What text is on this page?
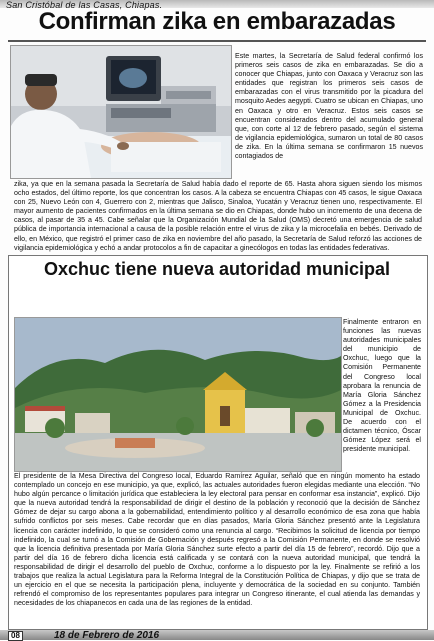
San Cristóbal de las Casas, Chiapas.
Confirman zika en embarazadas
Este martes, la Secretaría de Salud federal confirmó los primeros seis casos de zika en embarazadas. Se dio a conocer que Chiapas, junto con Oaxaca y Veracruz son las entidades que registran los primeros seis casos de embarazadas con el virus transmitido por la picadura del mosquito Aedes aegypti. Cuatro se ubican en Chiapas, uno en Oaxaca y otro en Veracruz. Estos seis casos se encuentran considerados dentro del acumulado general que, con corte al 12 de febrero pasado, según el sistema de vigilancia epidemiológica, sumaron un total de 80 casos de zika. En la última semana se confirmaron 15 nuevos contagiados de
zika, ya que en la semana pasada la Secretaría de Salud había dado el reporte de 65. Hasta ahora siguen siendo los mismos ocho estados, del último reporte, los que concentran los casos. A la cabeza se encuentra Chiapas con 45 casos, le sigue Oaxaca con 25, Nuevo León con 4, Guerrero con 2, mientras que Jalisco, Sinaloa, Yucatán y Veracruz tienen uno, respectivamente. El mayor aumento de pacientes confirmados en la última semana se dio en Chiapas, donde hubo un incremento de una decena de casos, al pasar de 35 a 45. Cabe señalar que la Organización Mundial de la Salud (OMS) decretó una emergencia de salud pública de importancia internacional a causa de la posible relación entre el virus de zika y la microcefalia en bebés. Derivado de ello, en México, que registró el primer caso de zika en noviembre del año pasado, la Secretaría de Salud reforzó las acciones de vigilancia epidemiológica y echó a andar protocolos a fin de capacitar a ginecólogos en todas las entidades federativas.
Oxchuc tiene nueva autoridad municipal
Finalmente entraron en funciones las nuevas autoridades municipales del municipio de Oxchuc, luego que la Comisión Permanente del Congreso local aprobara la renuncia de María Gloria Sánchez Gómez a la Presidencia Municipal de Oxchuc. De acuerdo con el dictamen técnico, Óscar Gómez López será el presidente municipal.
El presidente de la Mesa Directiva del Congreso local, Eduardo Ramírez Aguilar, señaló que en ningún momento ha estado contemplado un concejo en ese municipio, ya que, explicó, las actuales autoridades fueron elegidas mediante una elección. “No hubo algún percance o limitación jurídica que estableciera la ley electoral para pensar en conformar esa instancia”, explicó. Dijo que la nueva autoridad tendrá la responsabilidad de dirigir el destino de la población y reconoció que la decisión de Sánchez Gómez de dejar su cargo abona a la gobernabilidad, entendimiento político y al desarrollo económico de esa zona que había sufrido conflictos por seis meses. Cabe recordar que en días pasados, María Gloria Sánchez presentó ante la Legislatura licencia con carácter indefinido, lo que se consideró como una renuncia al cargo. “Recibimos la solicitud de licencia por tiempo indefinido, la cual se turnó a la Comisión de Gobernación y después regresó a la Comisión Permanente, en donde se resolvió que la licencia definitiva presentada por María Gloria Sánchez surte efecto a partir del día 15 de febrero”, recordó. Dijo que a partir del día 16 de febrero dicha licencia está calificada y se contará con la nueva autoridad municipal, que tendrá la responsabilidad de dirigir el desarrollo del pueblo de Oxchuc, conforme a lo dispuesto por la ley. Finalmente se refirió a los trabajos que realiza la actual Legislatura para la Reforma Integral de la Constitución Política de Chiapas, y dijo que se trata de un ejercicio en el que se necesita la participación plena, incluyente y democrática de la sociedad en su conjunto. También refrendó el compromiso de los representantes populares para integrar un Congreso itinerante, el cual atienda las demandas y necesidades de los chiapanecos en cada una de las regiones de la entidad.
08	18 de Febrero de 2016
